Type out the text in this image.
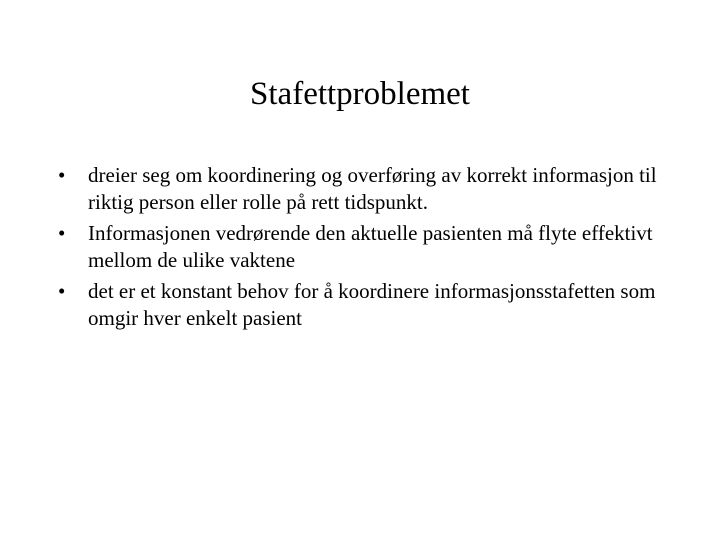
Stafettproblemet
• dreier seg om koordinering og overføring av korrekt informasjon til riktig person eller rolle på rett tidspunkt.
• Informasjonen vedrørende den aktuelle pasienten må flyte effektivt mellom de ulike vaktene
• det er et konstant behov for å koordinere informasjonsstafetten som omgir hver enkelt pasient
